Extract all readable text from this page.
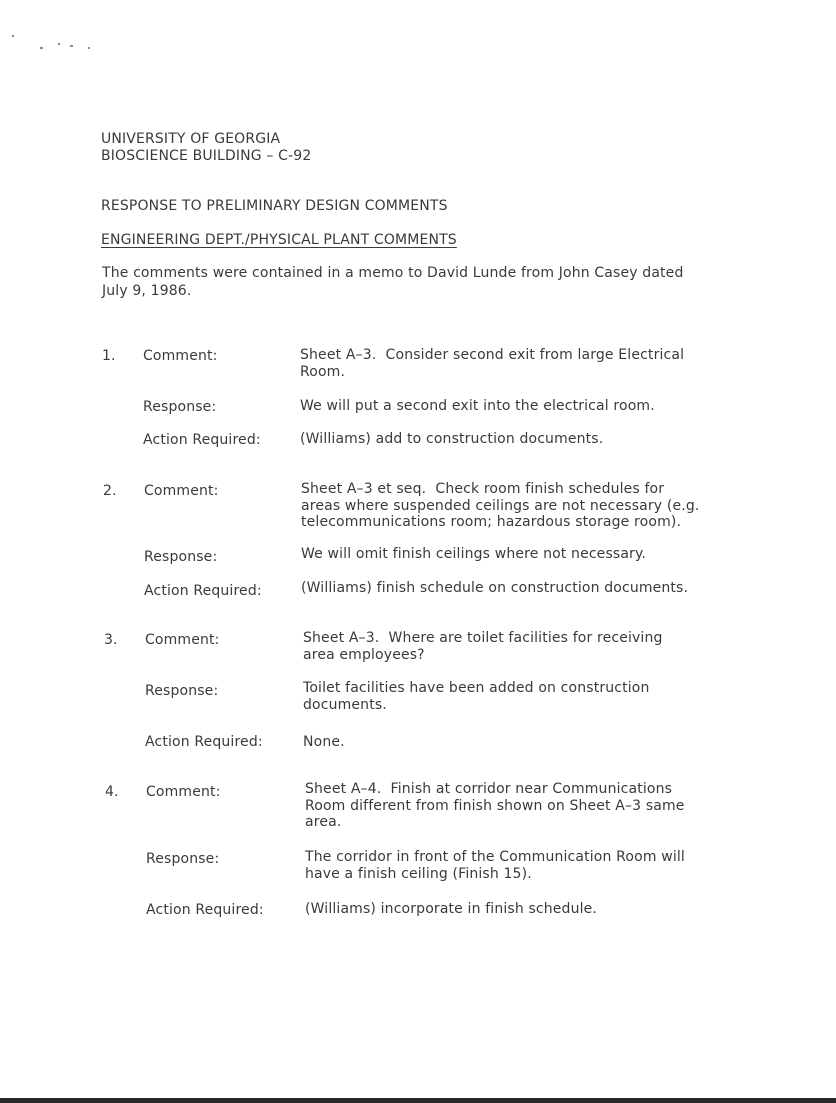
UNIVERSITY OF GEORGIA
BIOSCIENCE BUILDING – C-92
RESPONSE TO PRELIMINARY DESIGN COMMENTS
ENGINEERING DEPT./PHYSICAL PLANT COMMENTS
The comments were contained in a memo to David Lunde from John Casey dated
July 9, 1986.
1. Comment:	Sheet A–3.  Consider second exit from large Electrical
Room.
Response:	We will put a second exit into the electrical room.
Action Required:	(Williams) add to construction documents.
2. Comment:	Sheet A–3 et seq.  Check room finish schedules for
areas where suspended ceilings are not necessary (e.g.
telecommunications room; hazardous storage room).
Response:	We will omit finish ceilings where not necessary.
Action Required:	(Williams) finish schedule on construction documents.
3. Comment:	Sheet A–3.  Where are toilet facilities for receiving
area employees?
Response:	Toilet facilities have been added on construction
documents.
Action Required:	None.
4. Comment:	Sheet A–4.  Finish at corridor near Communications
Room different from finish shown on Sheet A–3 same
area.
Response:	The corridor in front of the Communication Room will
have a finish ceiling (Finish 15).
Action Required:	(Williams) incorporate in finish schedule.
